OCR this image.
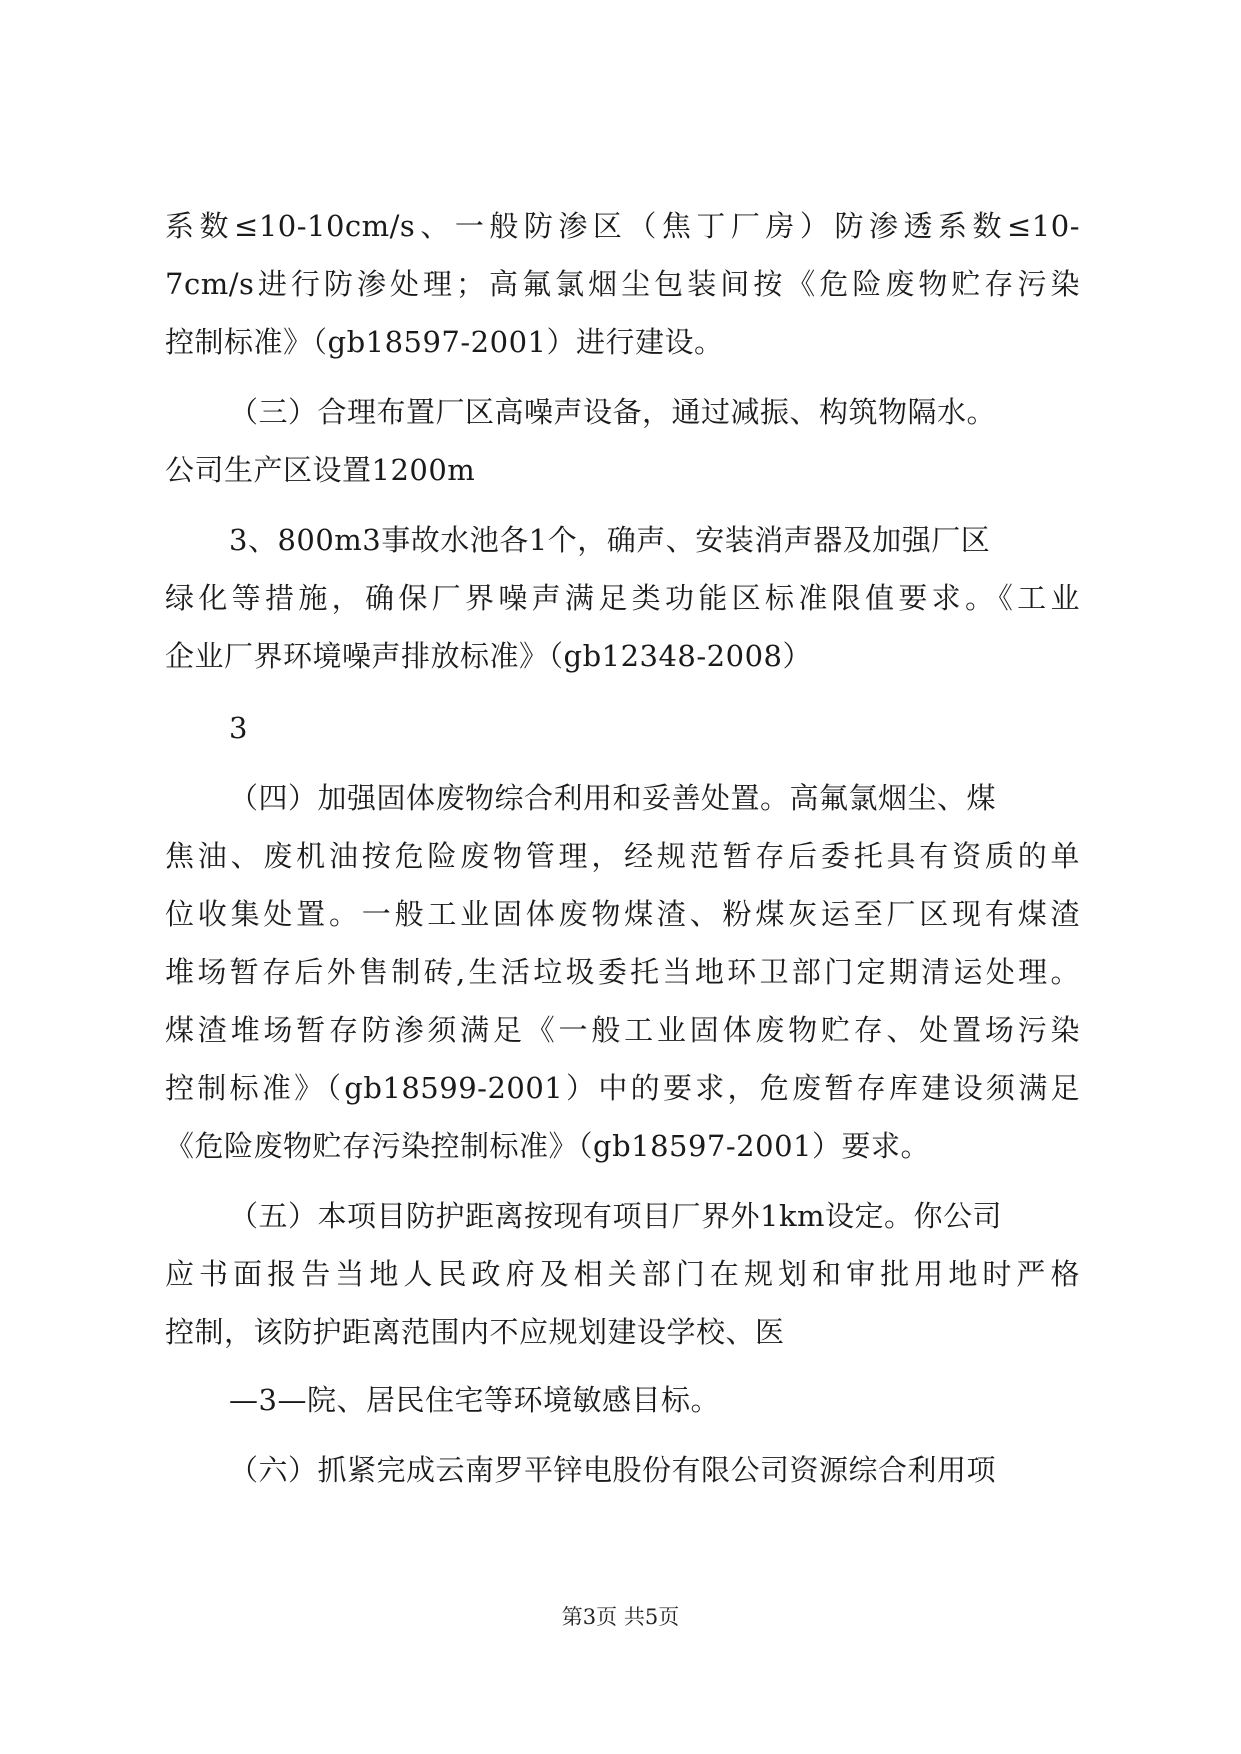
系数≤10-10cm/s、一般防渗区（焦丁厂房）防渗透系数≤10-
7cm/s进行防渗处理；高氟氯烟尘包装间按《危险废物贮存污染
控制标准》（gb18597-2001）进行建设。
（三）合理布置厂区高噪声设备，通过减振、构筑物隔水。
公司生产区设置1200m
3、800m3事故水池各1个，确声、安装消声器及加强厂区
绿化等措施，确保厂界噪声满足类功能区标准限值要求。《工业
企业厂界环境噪声排放标准》（gb12348-2008）
3
（四）加强固体废物综合利用和妥善处置。高氟氯烟尘、煤
焦油、废机油按危险废物管理，经规范暂存后委托具有资质的单
位收集处置。一般工业固体废物煤渣、粉煤灰运至厂区现有煤渣
堆场暂存后外售制砖,生活垃圾委托当地环卫部门定期清运处理。
煤渣堆场暂存防渗须满足《一般工业固体废物贮存、处置场污染
控制标准》（gb18599-2001）中的要求，危废暂存库建设须满足
《危险废物贮存污染控制标准》（gb18597-2001）要求。
（五）本项目防护距离按现有项目厂界外1km设定。你公司
应书面报告当地人民政府及相关部门在规划和审批用地时严格
控制，该防护距离范围内不应规划建设学校、医
—3—院、居民住宅等环境敏感目标。
（六）抓紧完成云南罗平锌电股份有限公司资源综合利用项
第3页 共5页
